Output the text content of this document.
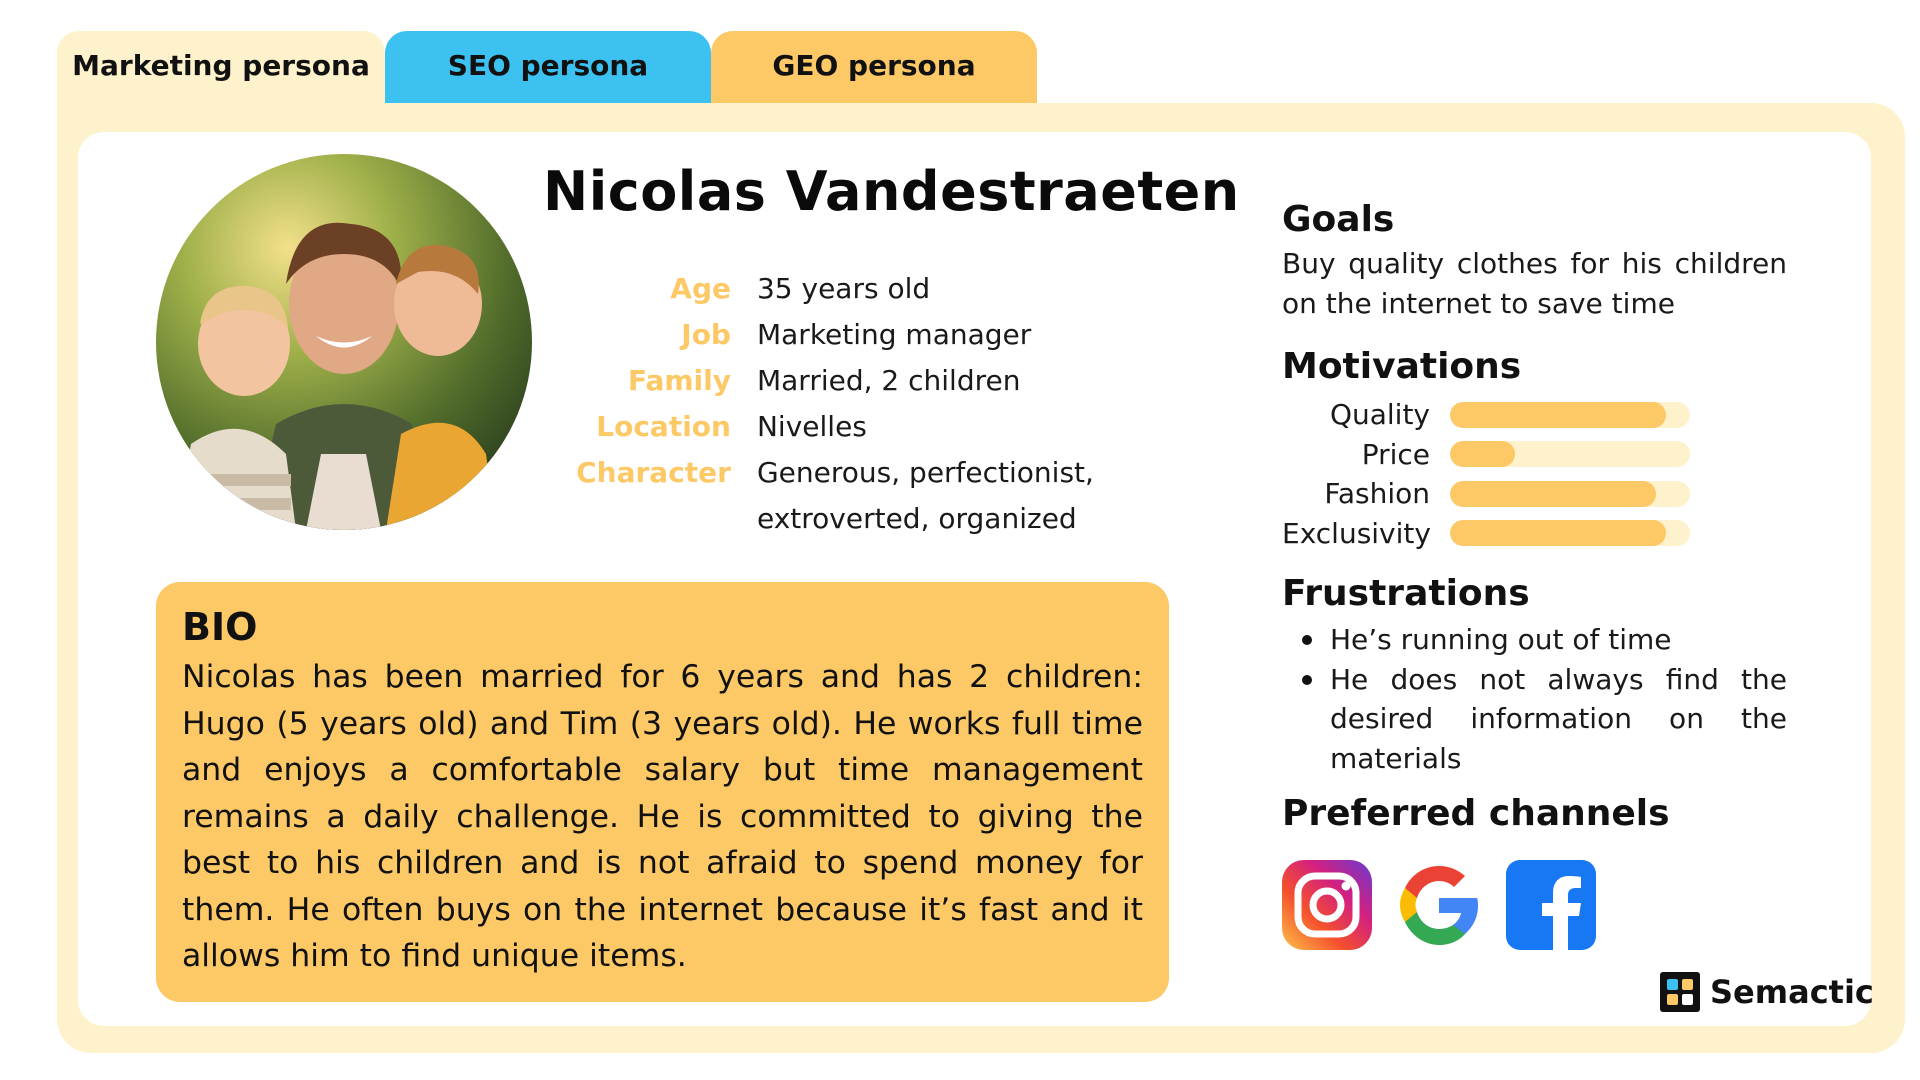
Marketing persona	SEO persona	GEO persona
Nicolas Vandestraeten
Age 35 years old
Job Marketing manager
Family Married, 2 children
Location Nivelles
Character Generous, perfectionist, extroverted, organized
BIO
Nicolas has been married for 6 years and has 2 children: Hugo (5 years old) and Tim (3 years old). He works full time and enjoys a comfortable salary but time management remains a daily challenge. He is committed to giving the best to his children and is not afraid to spend money for them. He often buys on the internet because it’s fast and it allows him to find unique items.
Goals
Buy quality clothes for his children on the internet to save time
Motivations
Quality
Price
Fashion
Exclusivity
Frustrations
He’s running out of time
He does not always find the desired information on the materials
Preferred channels
Semactic
